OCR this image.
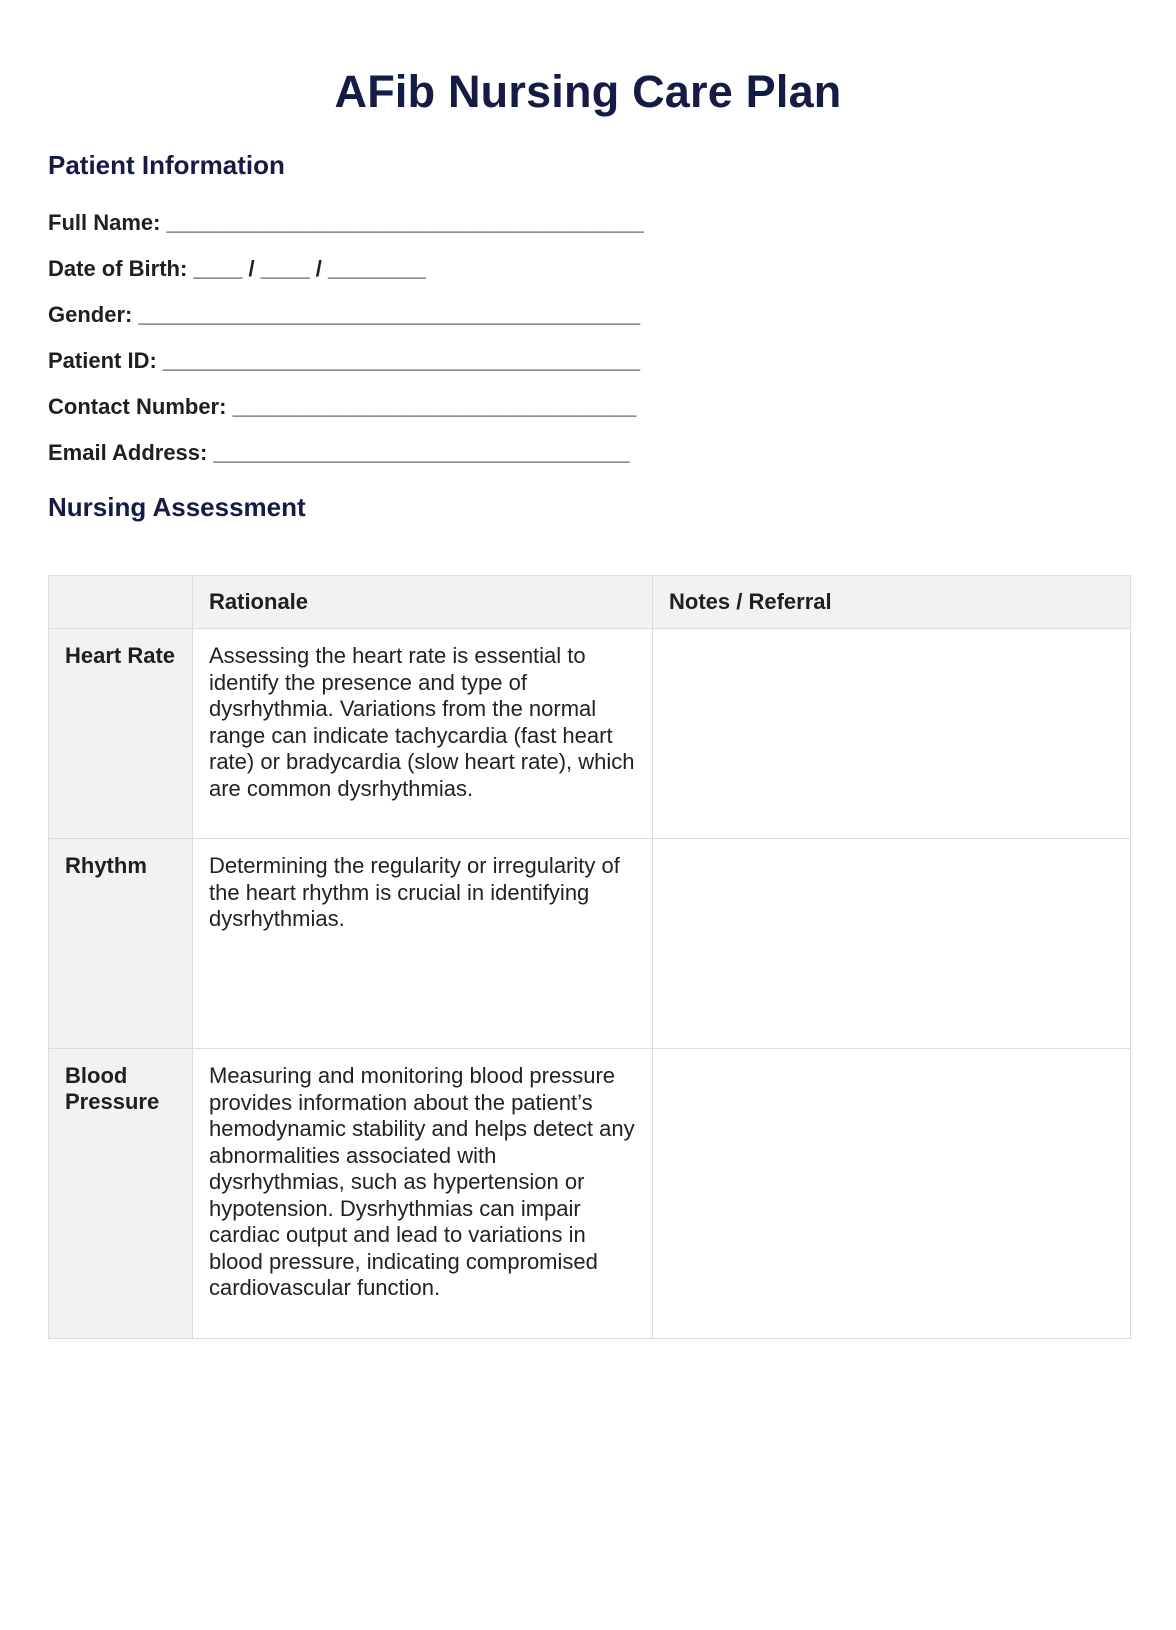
AFib Nursing Care Plan
Patient Information
Full Name: _______________________________________
Date of Birth: ____ / ____ / ________
Gender: _________________________________________
Patient ID: _______________________________________
Contact Number: _________________________________
Email Address: __________________________________
Nursing Assessment
	Rationale	Notes / Referral
Heart Rate	Assessing the heart rate is essential to identify the presence and type of dysrhythmia. Variations from the normal range can indicate tachycardia (fast heart rate) or bradycardia (slow heart rate), which are common dysrhythmias.	
Rhythm	Determining the regularity or irregularity of the heart rhythm is crucial in identifying dysrhythmias.	
Blood Pressure	Measuring and monitoring blood pressure provides information about the patient’s hemodynamic stability and helps detect any abnormalities associated with dysrhythmias, such as hypertension or hypotension. Dysrhythmias can impair cardiac output and lead to variations in blood pressure, indicating compromised cardiovascular function.	
